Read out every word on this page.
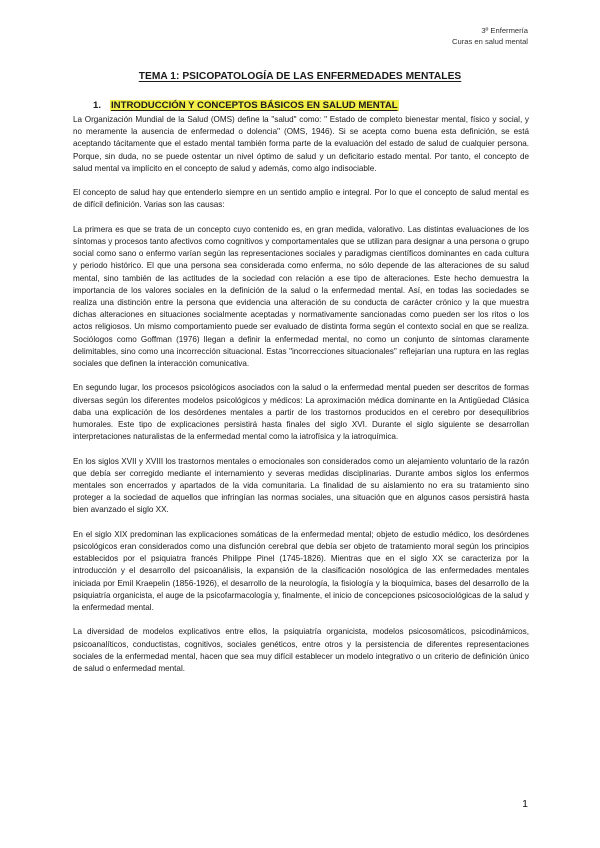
3º Enfermería
Curas en salud mental
TEMA 1: PSICOPATOLOGÍA DE LAS ENFERMEDADES MENTALES
1. INTRODUCCIÓN Y CONCEPTOS BÁSICOS EN SALUD MENTAL

La Organización Mundial de la Salud (OMS) define la "salud" como: " Estado de completo bienestar mental, físico y social, y no meramente la ausencia de enfermedad o dolencia" (OMS, 1946). Si se acepta como buena esta definición, se está aceptando tácitamente que el estado mental también forma parte de la evaluación del estado de salud de cualquier persona. Porque, sin duda, no se puede ostentar un nivel óptimo de salud y un deficitario estado mental. Por tanto, el concepto de salud mental va implícito en el concepto de salud y además, como algo indisociable.

El concepto de salud hay que entenderlo siempre en un sentido amplio e integral. Por lo que el concepto de salud mental es de difícil definición. Varias son las causas:

La primera es que se trata de un concepto cuyo contenido es, en gran medida, valorativo. Las distintas evaluaciones de los síntomas y procesos tanto afectivos como cognitivos y comportamentales que se utilizan para designar a una persona o grupo social como sano o enfermo varían según las representaciones sociales y paradigmas científicos dominantes en cada cultura y periodo histórico. El que una persona sea considerada como enferma, no sólo depende de las alteraciones de su salud mental, sino también de las actitudes de la sociedad con relación a ese tipo de alteraciones. Este hecho demuestra la importancia de los valores sociales en la definición de la salud o la enfermedad mental. Así, en todas las sociedades se realiza una distinción entre la persona que evidencia una alteración de su conducta de carácter crónico y la que muestra dichas alteraciones en situaciones socialmente aceptadas y normativamente sancionadas como pueden ser los ritos o los actos religiosos. Un mismo comportamiento puede ser evaluado de distinta forma según el contexto social en que se realiza. Sociólogos como Goffman (1976) llegan a definir la enfermedad mental, no como un conjunto de síntomas claramente delimitables, sino como una incorrección situacional. Estas "incorrecciones situacionales" reflejarían una ruptura en las reglas sociales que definen la interacción comunicativa.

En segundo lugar, los procesos psicológicos asociados con la salud o la enfermedad mental pueden ser descritos de formas diversas según los diferentes modelos psicológicos y médicos: La aproximación médica dominante en la Antigüedad Clásica daba una explicación de los desórdenes mentales a partir de los trastornos producidos en el cerebro por desequilibrios humorales. Este tipo de explicaciones persistirá hasta finales del siglo XVI. Durante el siglo siguiente se desarrollan interpretaciones naturalistas de la enfermedad mental como la iatrofísica y la iatroquímica.

En los siglos XVII y XVIII los trastornos mentales o emocionales son considerados como un alejamiento voluntario de la razón que debía ser corregido mediante el internamiento y severas medidas disciplinarias. Durante ambos siglos los enfermos mentales son encerrados y apartados de la vida comunitaria. La finalidad de su aislamiento no era su tratamiento sino proteger a la sociedad de aquellos que infringían las normas sociales, una situación que en algunos casos persistirá hasta bien avanzado el siglo XX.

En el siglo XIX predominan las explicaciones somáticas de la enfermedad mental; objeto de estudio médico, los desórdenes psicológicos eran considerados como una disfunción cerebral que debía ser objeto de tratamiento moral según los principios establecidos por el psiquiatra francés Philippe Pinel (1745-1826). Mientras que en el siglo XX se caracteriza por la introducción y el desarrollo del psicoanálisis, la expansión de la clasificación nosológica de las enfermedades mentales iniciada por Emil Kraepelin (1856-1926), el desarrollo de la neurología, la fisiología y la bioquímica, bases del desarrollo de la psiquiatría organicista, el auge de la psicofarmacología y, finalmente, el inicio de concepciones psicosociológicas de la salud y la enfermedad mental.

La diversidad de modelos explicativos entre ellos, la psiquiatría organicista, modelos psicosomáticos, psicodinámicos, psicoanalíticos, conductistas, cognitivos, sociales genéticos, entre otros y la persistencia de diferentes representaciones sociales de la enfermedad mental, hacen que sea muy difícil establecer un modelo integrativo o un criterio de definición único de salud o enfermedad mental.

1
